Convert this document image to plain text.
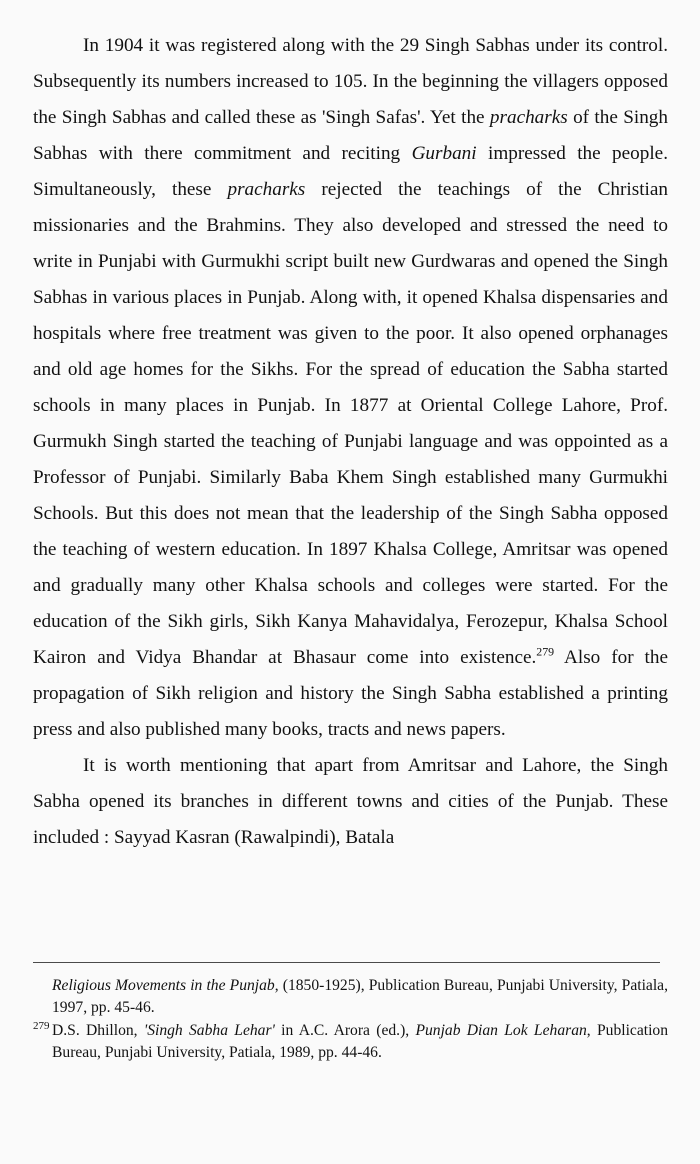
In 1904 it was registered along with the 29 Singh Sabhas under its control. Subsequently its numbers increased to 105. In the beginning the villagers opposed the Singh Sabhas and called these as 'Singh Safas'. Yet the pracharks of the Singh Sabhas with there commitment and reciting Gurbani impressed the people. Simultaneously, these pracharks rejected the teachings of the Christian missionaries and the Brahmins. They also developed and stressed the need to write in Punjabi with Gurmukhi script built new Gurdwaras and opened the Singh Sabhas in various places in Punjab. Along with, it opened Khalsa dispensaries and hospitals where free treatment was given to the poor. It also opened orphanages and old age homes for the Sikhs. For the spread of education the Sabha started schools in many places in Punjab. In 1877 at Oriental College Lahore, Prof. Gurmukh Singh started the teaching of Punjabi language and was oppointed as a Professor of Punjabi. Similarly Baba Khem Singh established many Gurmukhi Schools. But this does not mean that the leadership of the Singh Sabha opposed the teaching of western education. In 1897 Khalsa College, Amritsar was opened and gradually many other Khalsa schools and colleges were started. For the education of the Sikh girls, Sikh Kanya Mahavidalya, Ferozepur, Khalsa School Kairon and Vidya Bhandar at Bhasaur come into existence.$^{279}$ Also for the propagation of Sikh religion and history the Singh Sabha established a printing press and also published many books, tracts and news papers.

It is worth mentioning that apart from Amritsar and Lahore, the Singh Sabha opened its branches in different towns and cities of the Punjab. These included : Sayyad Kasran (Rawalpindi), Batala

Religious Movements in the Punjab, (1850-1925), Publication Bureau, Punjabi University, Patiala, 1997, pp. 45-46.

279 D.S. Dhillon, 'Singh Sabha Lehar' in A.C. Arora (ed.), Punjab Dian Lok Leharan, Publication Bureau, Punjabi University, Patiala, 1989, pp. 44-46.
